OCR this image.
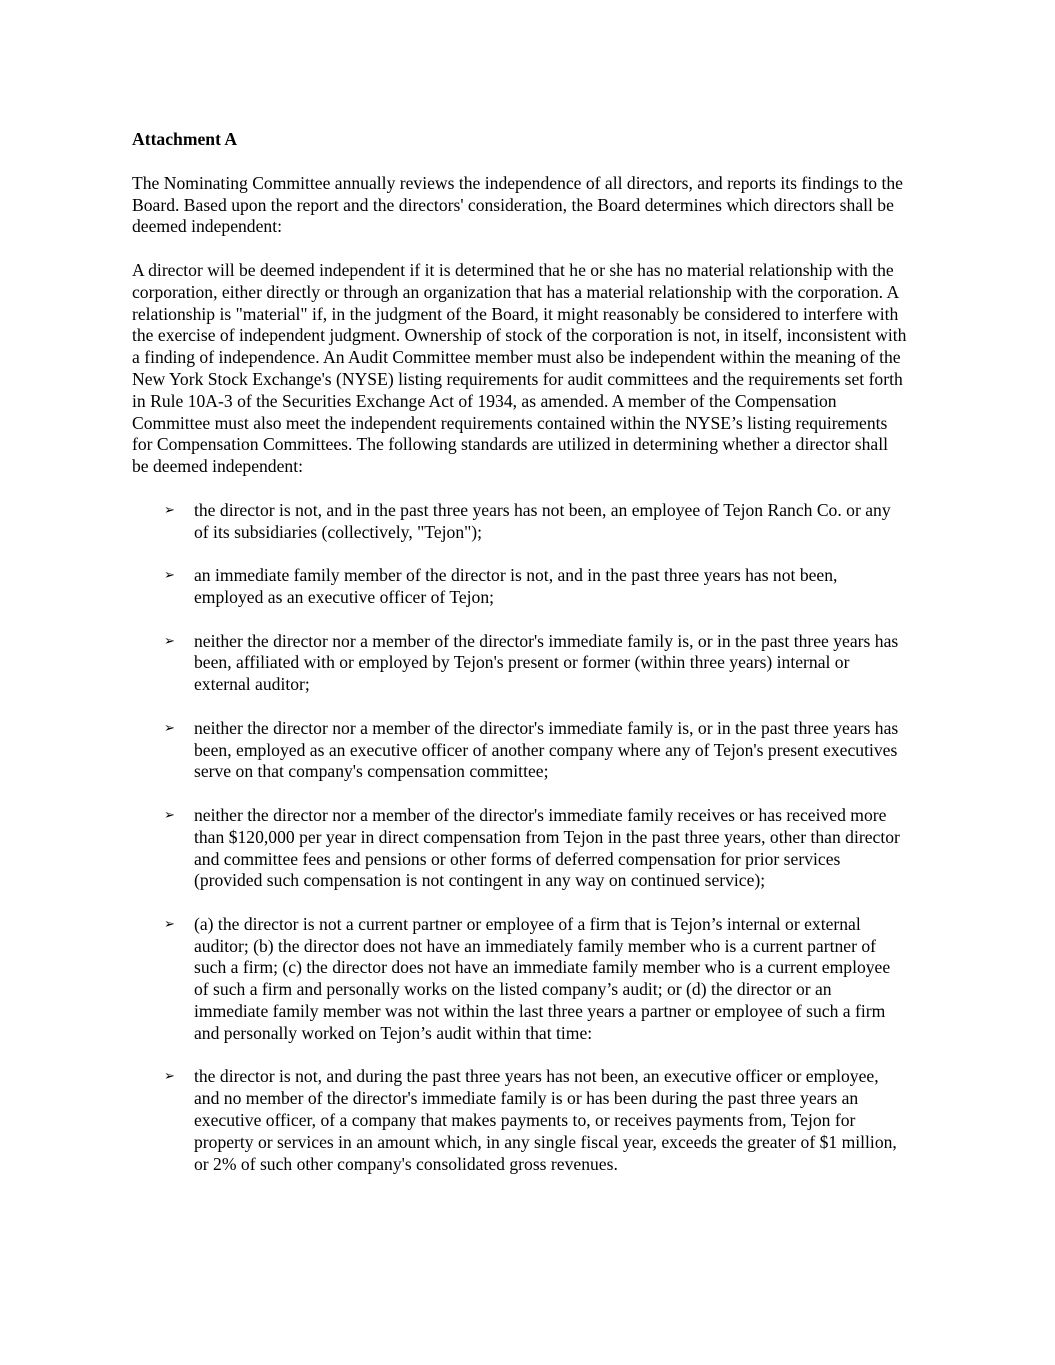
Attachment A

The Nominating Committee annually reviews the independence of all directors, and reports its findings to the Board. Based upon the report and the directors' consideration, the Board determines which directors shall be deemed independent:

A director will be deemed independent if it is determined that he or she has no material relationship with the corporation, either directly or through an organization that has a material relationship with the corporation. A relationship is "material" if, in the judgment of the Board, it might reasonably be considered to interfere with the exercise of independent judgment. Ownership of stock of the corporation is not, in itself, inconsistent with a finding of independence. An Audit Committee member must also be independent within the meaning of the New York Stock Exchange's (NYSE) listing requirements for audit committees and the requirements set forth in Rule 10A-3 of the Securities Exchange Act of 1934, as amended. A member of the Compensation Committee must also meet the independent requirements contained within the NYSE’s listing requirements for Compensation Committees. The following standards are utilized in determining whether a director shall be deemed independent:

➢ the director is not, and in the past three years has not been, an employee of Tejon Ranch Co. or any of its subsidiaries (collectively, "Tejon");
➢ an immediate family member of the director is not, and in the past three years has not been, employed as an executive officer of Tejon;
➢ neither the director nor a member of the director's immediate family is, or in the past three years has been, affiliated with or employed by Tejon's present or former (within three years) internal or external auditor;
➢ neither the director nor a member of the director's immediate family is, or in the past three years has been, employed as an executive officer of another company where any of Tejon's present executives serve on that company's compensation committee;
➢ neither the director nor a member of the director's immediate family receives or has received more than $120,000 per year in direct compensation from Tejon in the past three years, other than director and committee fees and pensions or other forms of deferred compensation for prior services (provided such compensation is not contingent in any way on continued service);
➢ (a) the director is not a current partner or employee of a firm that is Tejon’s internal or external auditor; (b) the director does not have an immediately family member who is a current partner of such a firm; (c) the director does not have an immediate family member who is a current employee of such a firm and personally works on the listed company’s audit; or (d) the director or an immediate family member was not within the last three years a partner or employee of such a firm and personally worked on Tejon’s audit within that time:
➢ the director is not, and during the past three years has not been, an executive officer or employee, and no member of the director's immediate family is or has been during the past three years an executive officer, of a company that makes payments to, or receives payments from, Tejon for property or services in an amount which, in any single fiscal year, exceeds the greater of $1 million, or 2% of such other company's consolidated gross revenues.
